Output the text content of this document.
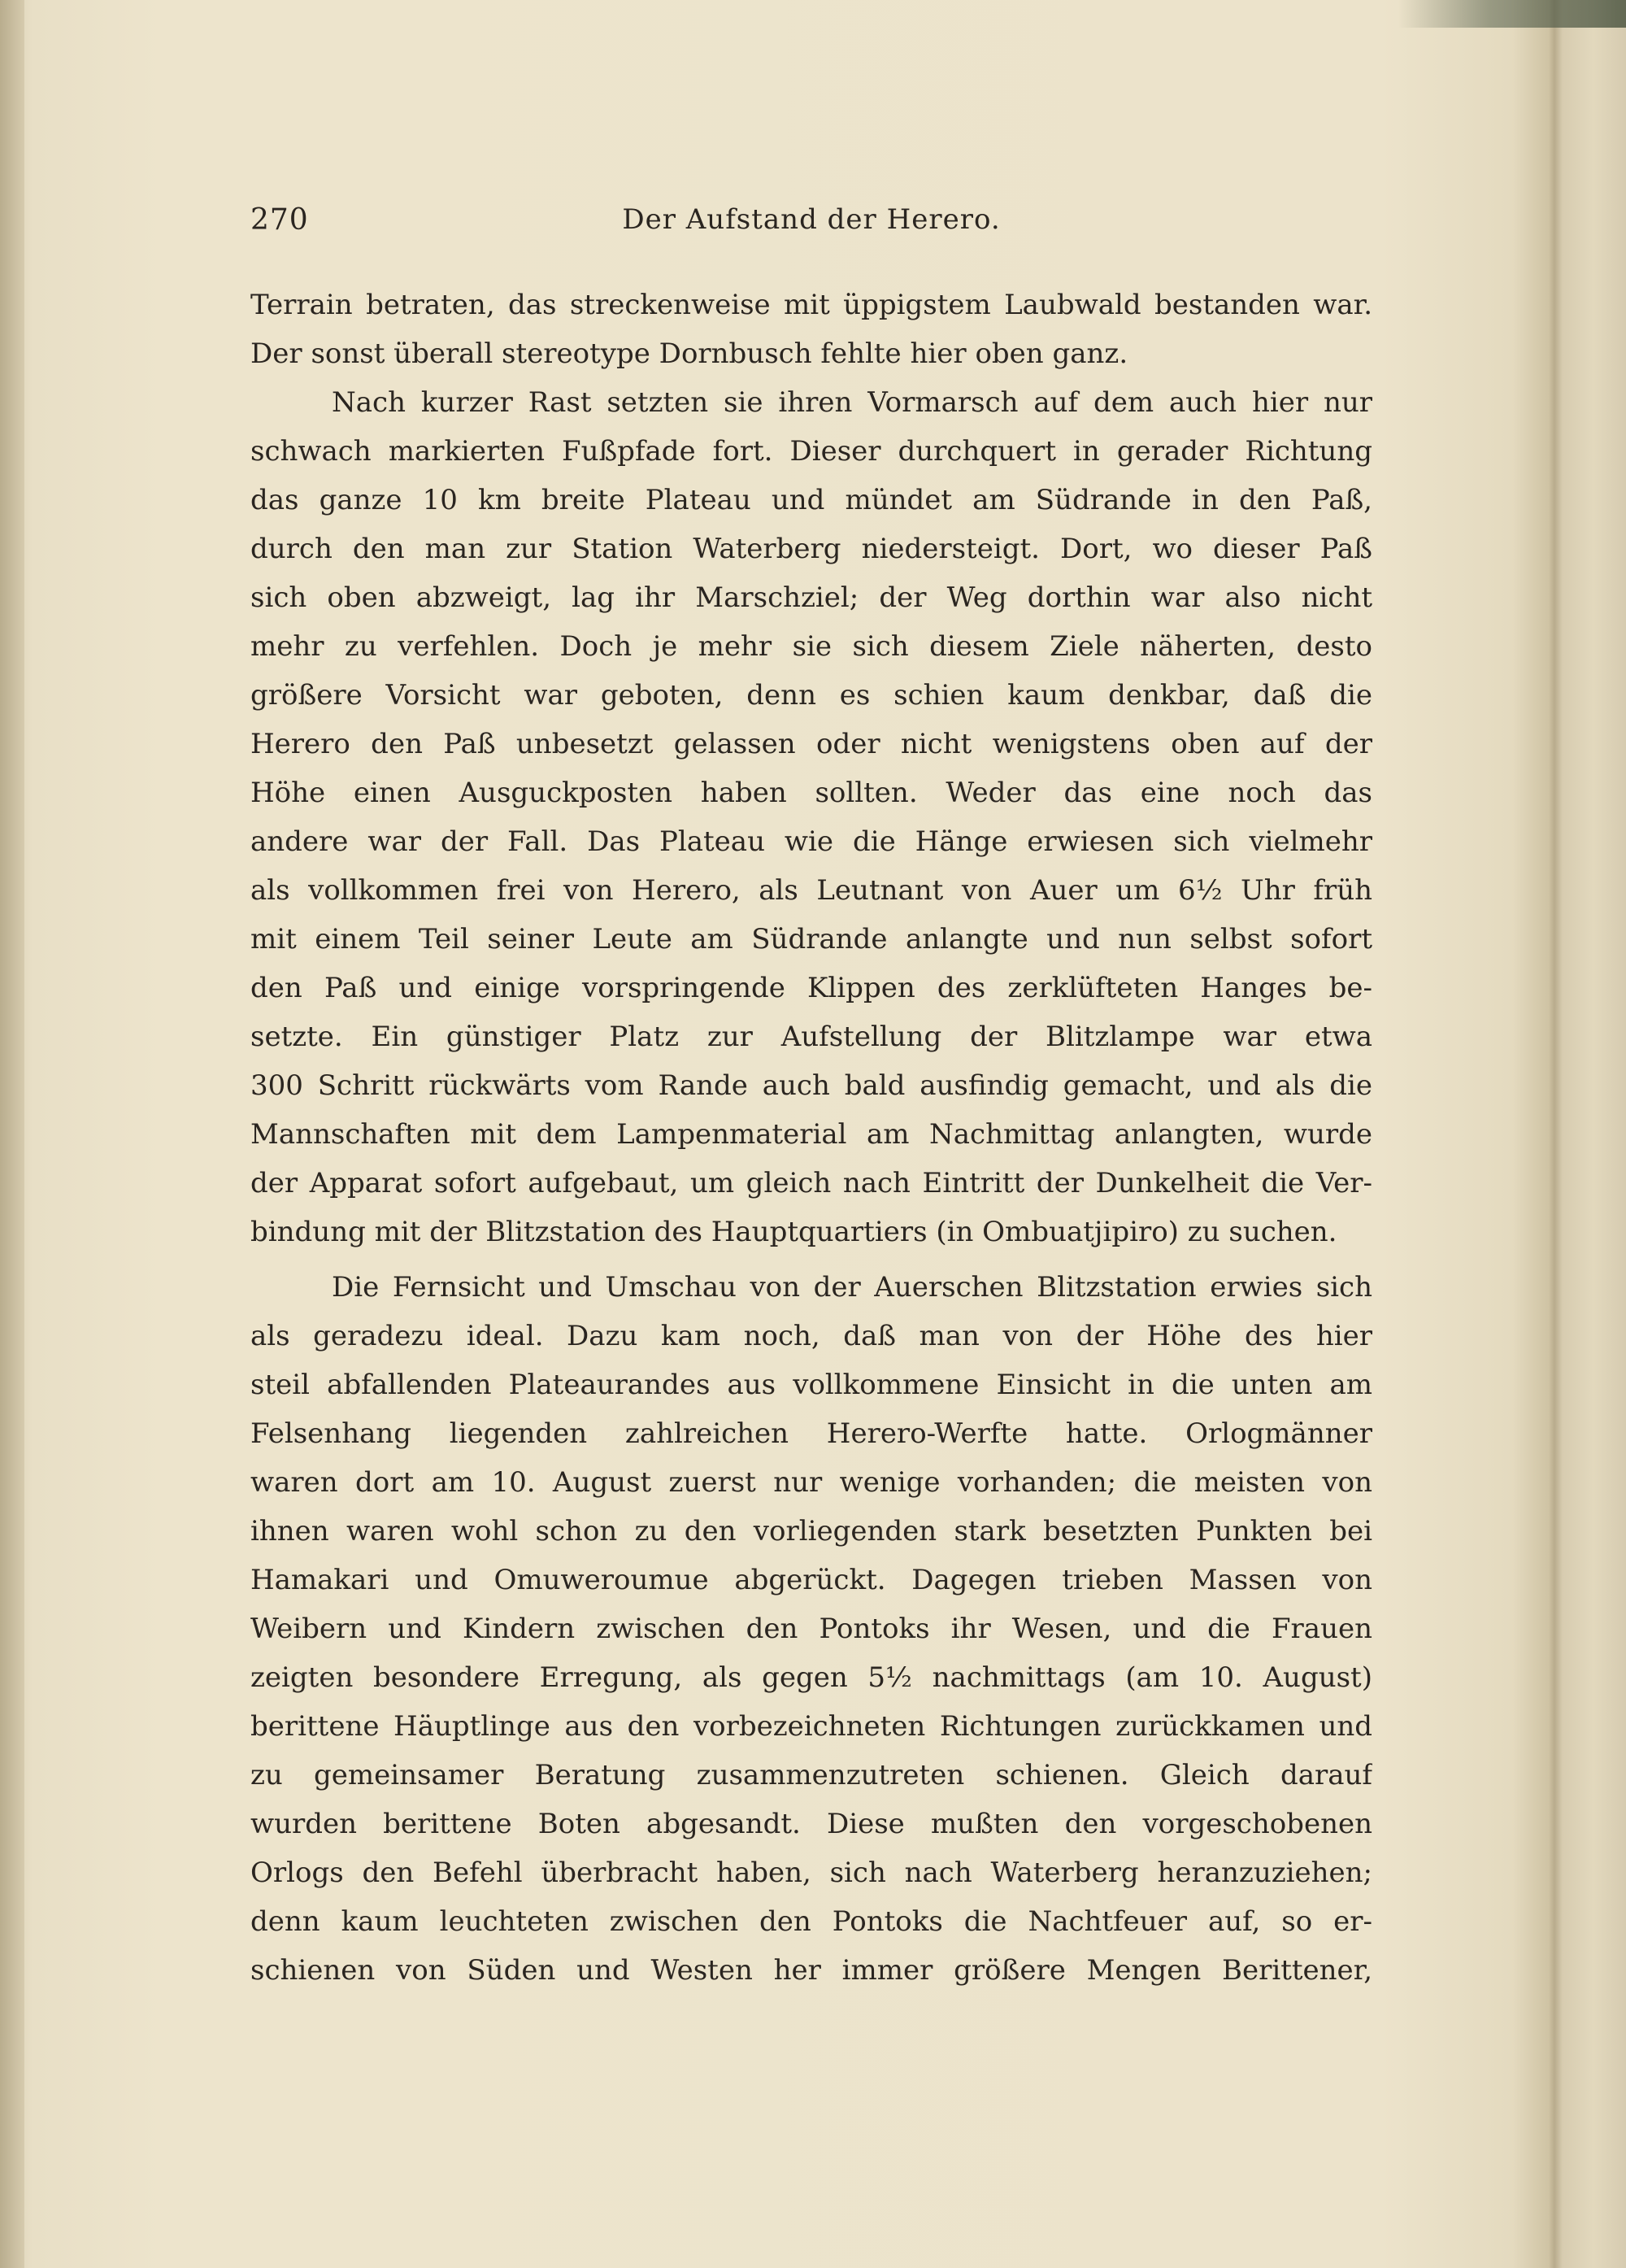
270	Der Aufstand der Herero.
Terrain betraten, das streckenweise mit üppigstem Laubwald bestanden war.
Der sonst überall stereotype Dornbusch fehlte hier oben ganz.
Nach kurzer Rast setzten sie ihren Vormarsch auf dem auch hier nur
schwach markierten Fußpfade fort. Dieser durchquert in gerader Richtung
das ganze 10 km breite Plateau und mündet am Südrande in den Paß,
durch den man zur Station Waterberg niedersteigt. Dort, wo dieser Paß
sich oben abzweigt, lag ihr Marschziel; der Weg dorthin war also nicht
mehr zu verfehlen. Doch je mehr sie sich diesem Ziele näherten, desto
größere Vorsicht war geboten, denn es schien kaum denkbar, daß die
Herero den Paß unbesetzt gelassen oder nicht wenigstens oben auf der
Höhe einen Ausguckposten haben sollten. Weder das eine noch das
andere war der Fall. Das Plateau wie die Hänge erwiesen sich vielmehr
als vollkommen frei von Herero, als Leutnant von Auer um 6½ Uhr früh
mit einem Teil seiner Leute am Südrande anlangte und nun selbst sofort
den Paß und einige vorspringende Klippen des zerklüfteten Hanges be-
setzte. Ein günstiger Platz zur Aufstellung der Blitzlampe war etwa
300 Schritt rückwärts vom Rande auch bald ausfindig gemacht, und als die
Mannschaften mit dem Lampenmaterial am Nachmittag anlangten, wurde
der Apparat sofort aufgebaut, um gleich nach Eintritt der Dunkelheit die Ver-
bindung mit der Blitzstation des Hauptquartiers (in Ombuatjipiro) zu suchen.
Die Fernsicht und Umschau von der Auerschen Blitzstation erwies sich
als geradezu ideal. Dazu kam noch, daß man von der Höhe des hier
steil abfallenden Plateaurandes aus vollkommene Einsicht in die unten am
Felsenhang liegenden zahlreichen Herero-Werfte hatte. Orlogmänner
waren dort am 10. August zuerst nur wenige vorhanden; die meisten von
ihnen waren wohl schon zu den vorliegenden stark besetzten Punkten bei
Hamakari und Omuweroumue abgerückt. Dagegen trieben Massen von
Weibern und Kindern zwischen den Pontoks ihr Wesen, und die Frauen
zeigten besondere Erregung, als gegen 5½ nachmittags (am 10. August)
berittene Häuptlinge aus den vorbezeichneten Richtungen zurückkamen und
zu gemeinsamer Beratung zusammenzutreten schienen. Gleich darauf
wurden berittene Boten abgesandt. Diese mußten den vorgeschobenen
Orlogs den Befehl überbracht haben, sich nach Waterberg heranzuziehen;
denn kaum leuchteten zwischen den Pontoks die Nachtfeuer auf, so er-
schienen von Süden und Westen her immer größere Mengen Berittener,
